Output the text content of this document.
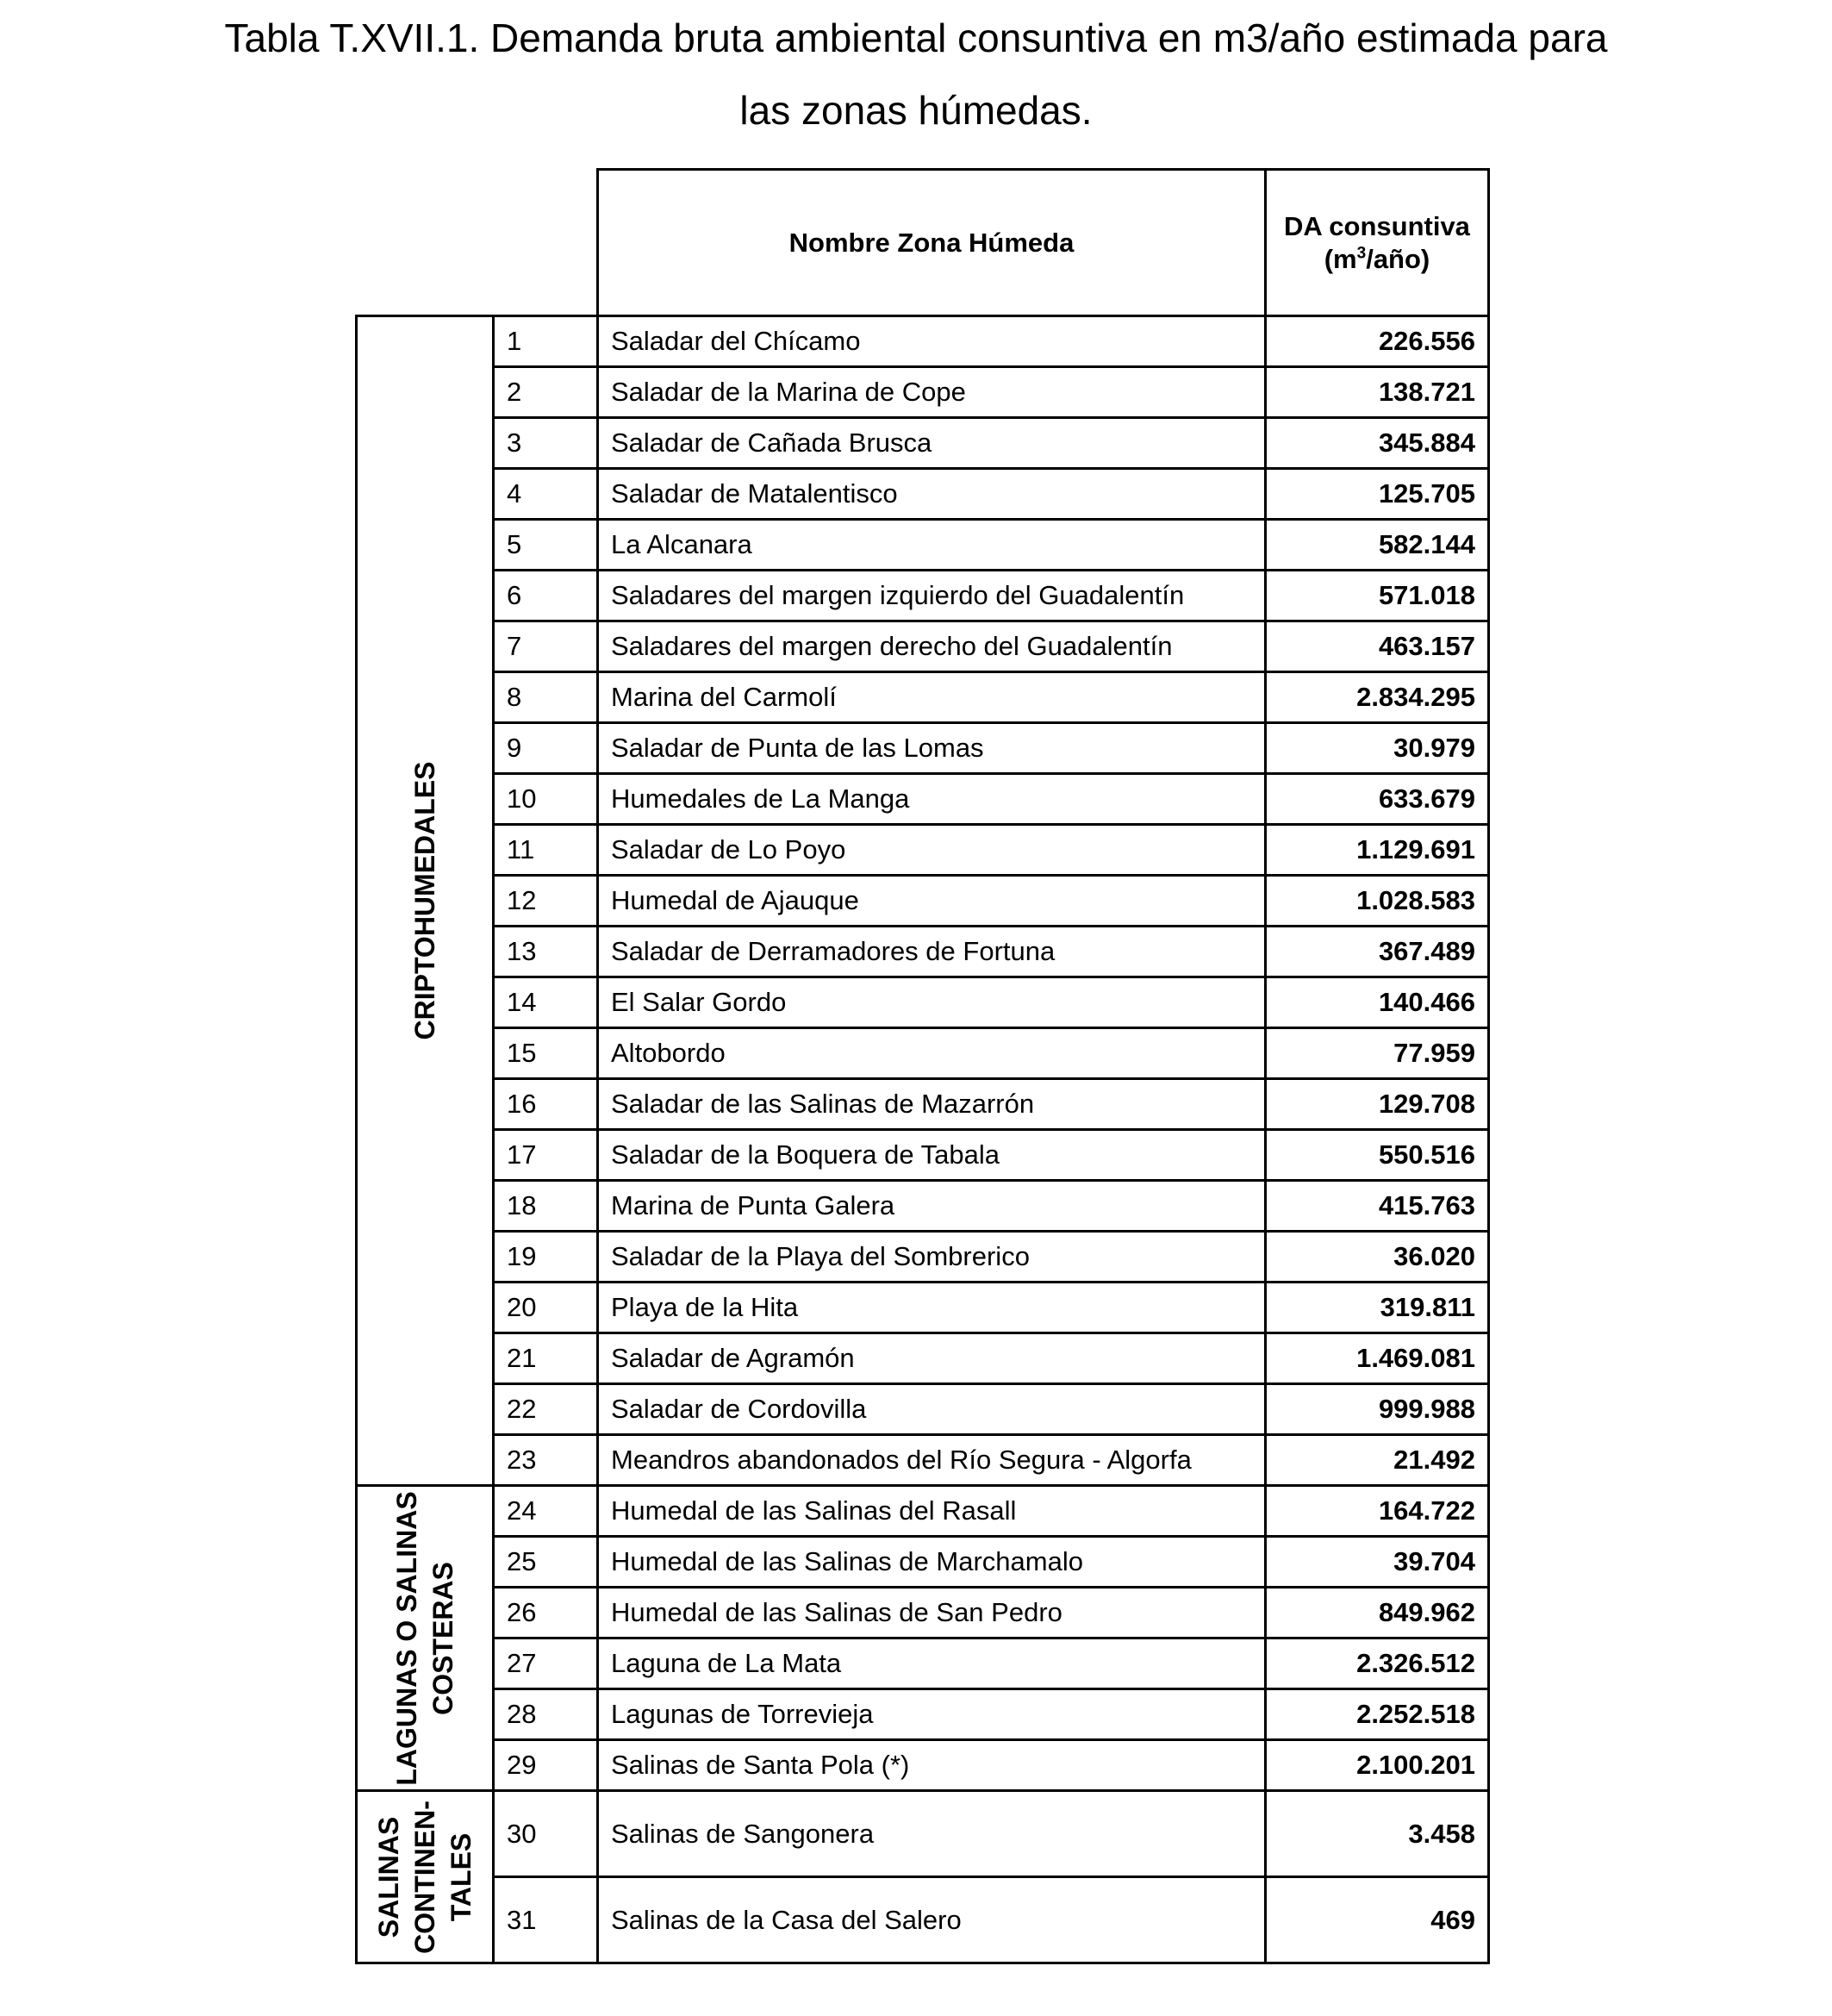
Tabla T.XVII.1. Demanda bruta ambiental consuntiva en m3/año estimada para
las zonas húmedas.
		Nombre Zona Húmeda	DA consuntiva
$(m^3/año)$

CRIPTOHUMEDALES	1	Saladar del Chícamo	226.556
	2	Saladar de la Marina de Cope	138.721
	3	Saladar de Cañada Brusca	345.884
	4	Saladar de Matalentisco	125.705
	5	La Alcanara	582.144
	6	Saladares del margen izquierdo del Guadalentín	571.018
	7	Saladares del margen derecho del Guadalentín	463.157
	8	Marina del Carmolí	2.834.295
	9	Saladar de Punta de las Lomas	30.979
	10	Humedales de La Manga	633.679
	11	Saladar de Lo Poyo	1.129.691
	12	Humedal de Ajauque	1.028.583
	13	Saladar de Derramadores de Fortuna	367.489
	14	El Salar Gordo	140.466
	15	Altobordo	77.959
	16	Saladar de las Salinas de Mazarrón	129.708
	17	Saladar de la Boquera de Tabala	550.516
	18	Marina de Punta Galera	415.763
	19	Saladar de la Playa del Sombrerico	36.020
	20	Playa de la Hita	319.811
	21	Saladar de Agramón	1.469.081
	22	Saladar de Cordovilla	999.988
	23	Meandros abandonados del Río Segura - Algorfa	21.492

LAGUNAS O SALINAS COSTERAS	24	Humedal de las Salinas del Rasall	164.722
	25	Humedal de las Salinas de Marchamalo	39.704
	26	Humedal de las Salinas de San Pedro	849.962
	27	Laguna de La Mata	2.326.512
	28	Lagunas de Torrevieja	2.252.518
	29	Salinas de Santa Pola (*)	2.100.201

SALINAS CONTINEN- TALES	30	Salinas de Sangonera	3.458
	31	Salinas de la Casa del Salero	469
